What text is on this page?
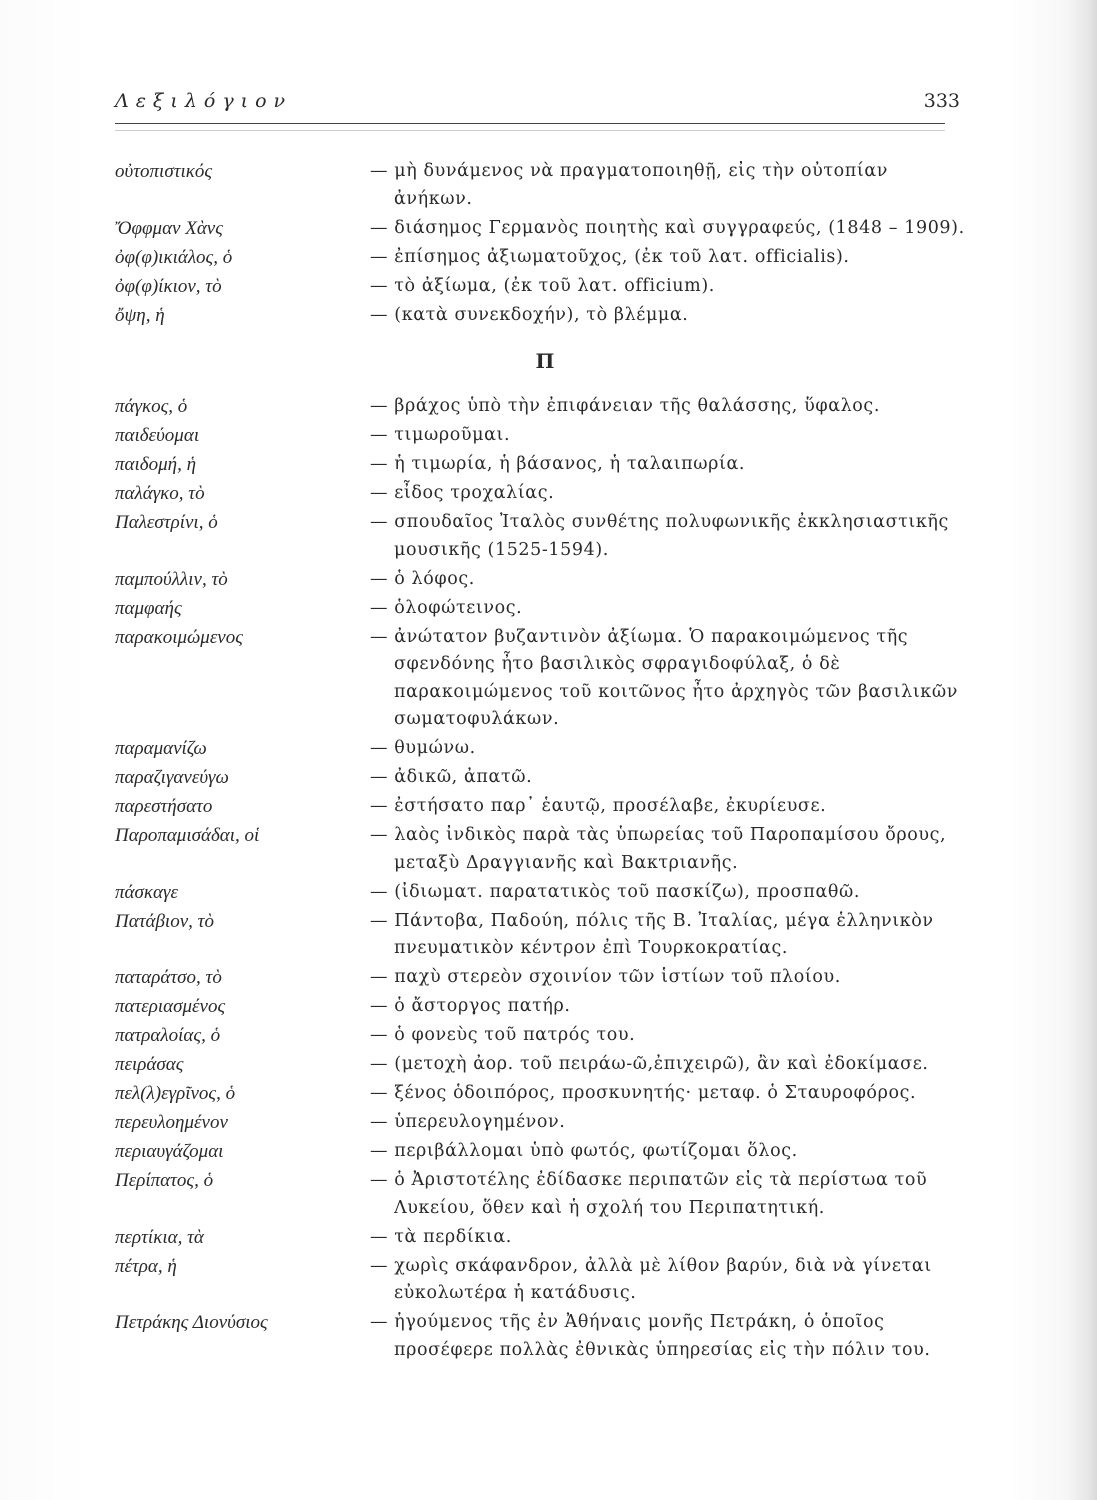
Λεξιλόγιον	333
οὐτοπιστικός	— μὴ δυνάμενος νὰ πραγματοποιηθῇ, εἰς τὴν οὐτοπίαν ἀνήκων.
Ὄφφμαν Χὰνς	— διάσημος Γερμανὸς ποιητὴς καὶ συγγραφεύς, (1848 – 1909).
ὀφ(φ)ικιάλος, ὁ	— ἐπίσημος ἀξιωματοῦχος, (ἐκ τοῦ λατ. officialis).
ὀφ(φ)ίκιον, τὸ	— τὸ ἀξίωμα, (ἐκ τοῦ λατ. officium).
ὄψη, ἡ	— (κατὰ συνεκδοχήν), τὸ βλέμμα.
Π
πάγκος, ὁ	— βράχος ὑπὸ τὴν ἐπιφάνειαν τῆς θαλάσσης, ὕφαλος.
παιδεύομαι	— τιμωροῦμαι.
παιδομή, ἡ	— ἡ τιμωρία, ἡ βάσανος, ἡ ταλαιπωρία.
παλάγκο, τὸ	— εἶδος τροχαλίας.
Παλεστρίνι, ὁ	— σπουδαῖος Ἰταλὸς συνθέτης πολυφωνικῆς ἐκκλησιαστικῆς μουσικῆς (1525-1594).
παμπούλλιν, τὸ	— ὁ λόφος.
παμφαής	— ὁλοφώτεινος.
παρακοιμώμενος	— ἀνώτατον βυζαντινὸν ἀξίωμα. Ὁ παρακοιμώμενος τῆς σφενδόνης ἦτο βασιλικὸς σφραγιδοφύλαξ, ὁ δὲ παρακοιμώμενος τοῦ κοιτῶνος ἦτο ἀρχηγὸς τῶν βασιλικῶν σωματοφυλάκων.
παραμανίζω	— θυμώνω.
παραζιγανεύγω	— ἀδικῶ, ἀπατῶ.
παρεστήσατο	— ἐστήσατο παρ᾽ ἑαυτῷ, προσέλαβε, ἐκυρίευσε.
Παροπαμισάδαι, οἱ	— λαὸς ἰνδικὸς παρὰ τὰς ὑπωρείας τοῦ Παροπαμίσου ὄρους, μεταξὺ Δραγγιανῆς καὶ Βακτριανῆς.
πάσκαγε	— (ἰδιωματ. παρατατικὸς τοῦ πασκίζω), προσπαθῶ.
Πατάβιον, τὸ	— Πάντοβα, Παδούη, πόλις τῆς Β. Ἰταλίας, μέγα ἑλληνικὸν πνευματικὸν κέντρον ἐπὶ Τουρκοκρατίας.
παταράτσο, τὸ	— παχὺ στερεὸν σχοινίον τῶν ἱστίων τοῦ πλοίου.
πατεριασμένος	— ὁ ἄστοργος πατήρ.
πατραλοίας, ὁ	— ὁ φονεὺς τοῦ πατρός του.
πειράσας	— (μετοχὴ ἀορ. τοῦ πειράω-ῶ,ἐπιχειρῶ), ἂν καὶ ἐδοκίμασε.
πελ(λ)εγρῖνος, ὁ	— ξένος ὁδοιπόρος, προσκυνητής· μεταφ. ὁ Σταυροφόρος.
περευλοημένον	— ὑπερευλογημένον.
περιαυγάζομαι	— περιβάλλομαι ὑπὸ φωτός, φωτίζομαι ὅλος.
Περίπατος, ὁ	— ὁ Ἀριστοτέλης ἐδίδασκε περιπατῶν εἰς τὰ περίστωα τοῦ Λυκείου, ὅθεν καὶ ἡ σχολή του Περιπατητική.
περτίκια, τὰ	— τὰ περδίκια.
πέτρα, ἡ	— χωρὶς σκάφανδρον, ἀλλὰ μὲ λίθον βαρύν, διὰ νὰ γίνεται εὐκολωτέρα ἡ κατάδυσις.
Πετράκης Διονύσιος	— ἡγούμενος τῆς ἐν Ἀθήναις μονῆς Πετράκη, ὁ ὁποῖος προσέφερε πολλὰς ἐθνικὰς ὑπηρεσίας εἰς τὴν πόλιν του.
